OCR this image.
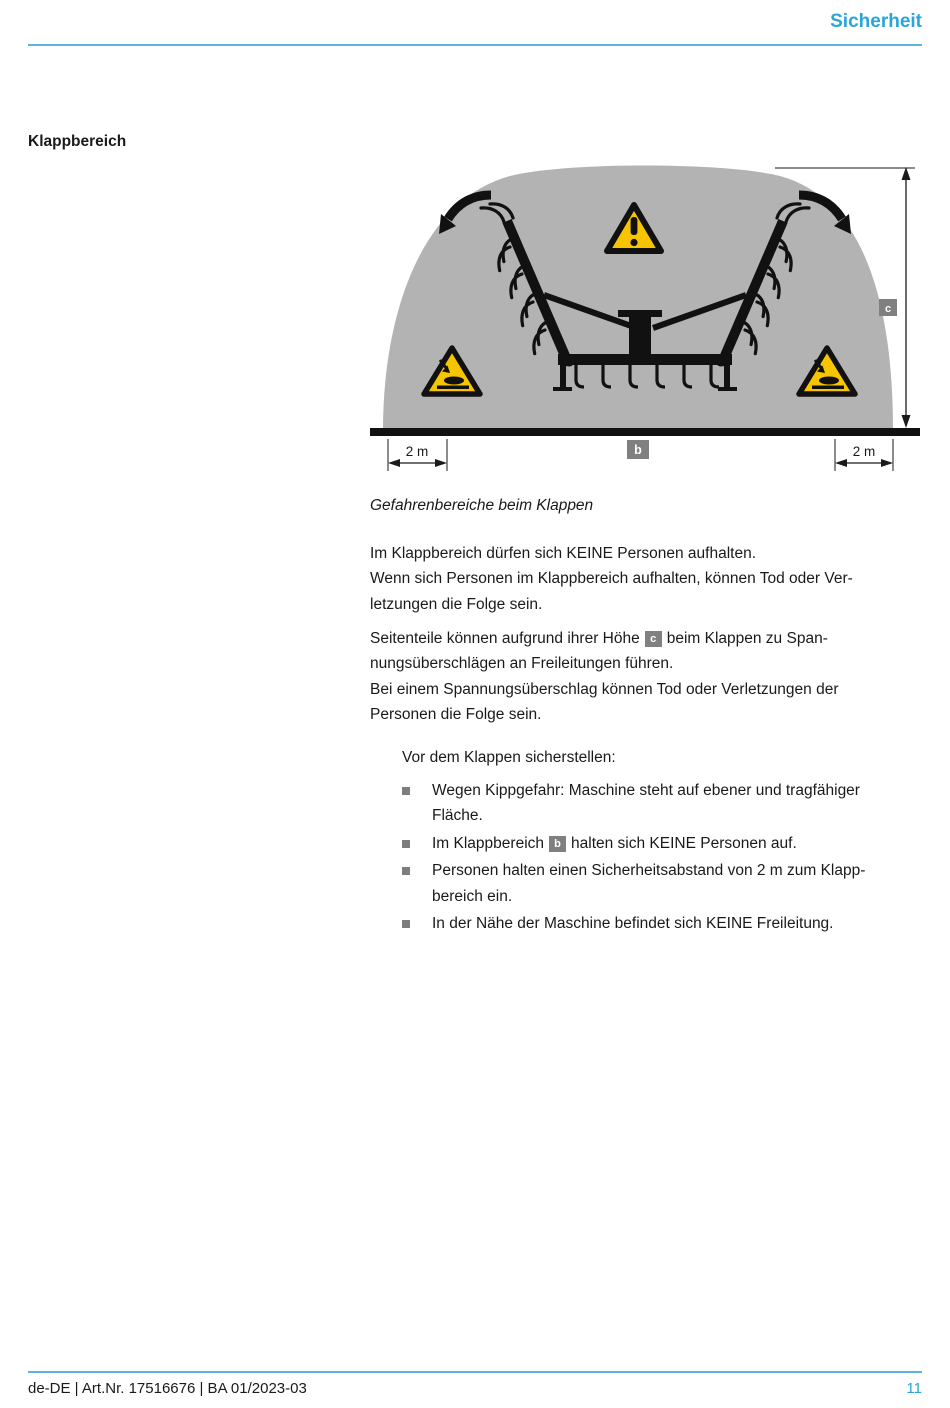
Sicherheit
Klappbereich
c
2 m	2 m
b
Gefahrenbereiche beim Klappen
Im Klappbereich dürfen sich KEINE Personen aufhalten.
Wenn sich Personen im Klappbereich aufhalten, können Tod oder Ver-
letzungen die Folge sein.
Seitenteile können aufgrund ihrer Höhe c beim Klappen zu Span-
nungsüberschlägen an Freileitungen führen.
Bei einem Spannungsüberschlag können Tod oder Verletzungen der
Personen die Folge sein.
Vor dem Klappen sicherstellen:
Wegen Kippgefahr: Maschine steht auf ebener und tragfähiger
Fläche.
Im Klappbereich b halten sich KEINE Personen auf.
Personen halten einen Sicherheitsabstand von 2 m zum Klapp-
bereich ein.
In der Nähe der Maschine befindet sich KEINE Freileitung.
de-DE | Art.Nr. 17516676 | BA 01/2023-03	11
